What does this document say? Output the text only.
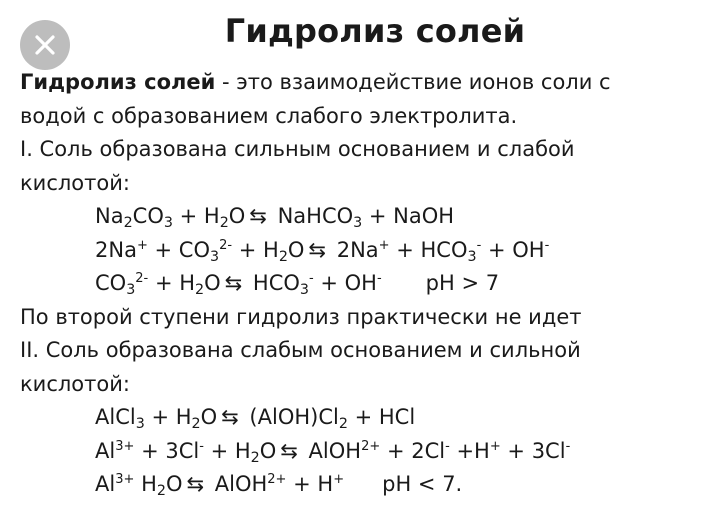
Гидролиз солей
Гидролиз солей - это взаимодействие ионов соли с
водой с образованием слабого электролита.
I. Соль образована сильным основанием и слабой
кислотой:
$Na_2CO_3 + H_2O$ ⇆ NaHCO$_3$ + NaOH
$2Na^+ + CO_3^{2-} + H_2O$ ⇆ $2Na^+ + HCO_3^- + OH^-$
$CO_3^{2-} + H_2O$ ⇆ $HCO_3^- + OH^-$ pH > 7
По второй ступени гидролиз практически не идет
II. Соль образована слабым основанием и сильной
кислотой:
AlCl$_3$ + $H_2O$ ⇆ $(AlOH)Cl_2$ + HCl
$Al^{3+} + 3Cl^- + H_2O$ ⇆ AlOH$^{2+}$ + 2Cl- +H+ + 3Cl-
$Al^{3+}$ $H_2O$ ⇆ AlOH$^{2+}$ + H+ pH < 7.
